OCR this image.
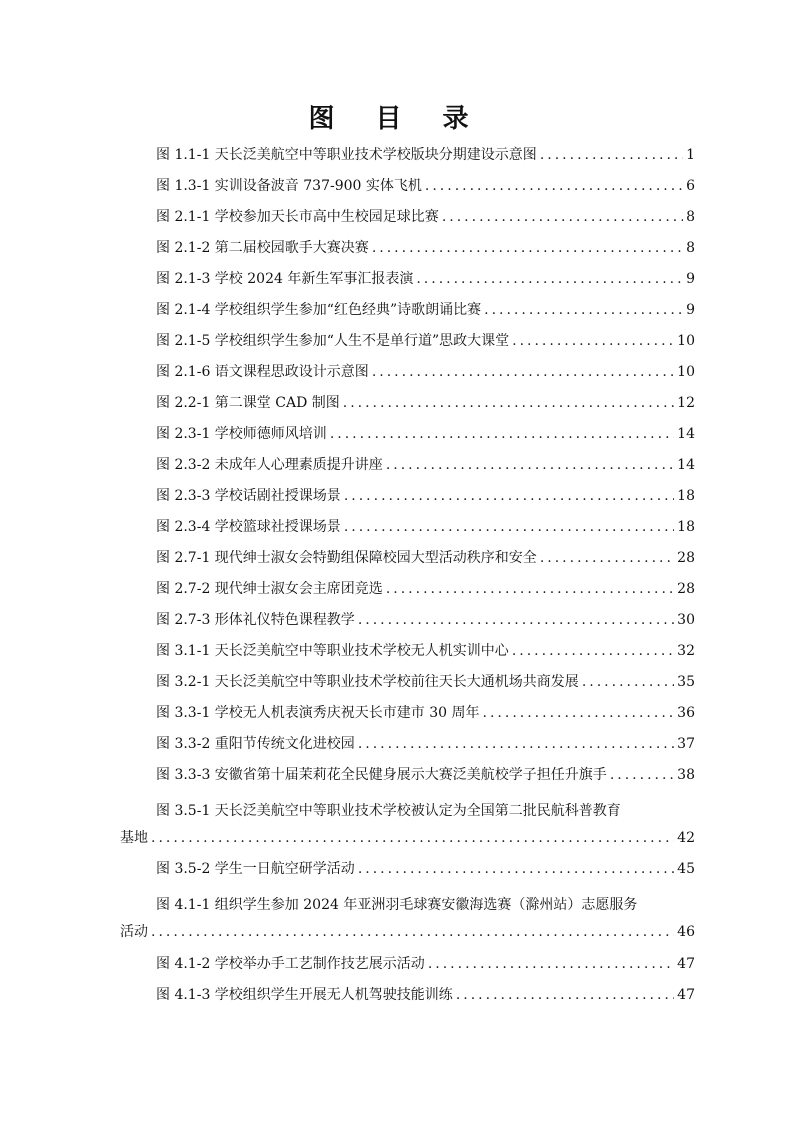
图 目 录
图 1.1-1 天长泛美航空中等职业技术学校版块分期建设示意图 .....	1
图 1.3-1 实训设备波音 737-900 实体飞机 .....	6
图 2.1-1 学校参加天长市高中生校园足球比赛 .....	8
图 2.1-2 第二届校园歌手大赛决赛 .....	8
图 2.1-3 学校 2024 年新生军事汇报表演 .....	9
图 2.1-4 学校组织学生参加“红色经典”诗歌朗诵比赛 .....	9
图 2.1-5 学校组织学生参加“人生不是单行道”思政大课堂 .....	10
图 2.1-6 语文课程思政设计示意图 .....	10
图 2.2-1 第二课堂 CAD 制图 .....	12
图 2.3-1 学校师德师风培训 .....	14
图 2.3-2 未成年人心理素质提升讲座 .....	14
图 2.3-3 学校话剧社授课场景 .....	18
图 2.3-4 学校篮球社授课场景 .....	18
图 2.7-1 现代绅士淑女会特勤组保障校园大型活动秩序和安全 .....	28
图 2.7-2 现代绅士淑女会主席团竞选 .....	28
图 2.7-3 形体礼仪特色课程教学 .....	30
图 3.1-1 天长泛美航空中等职业技术学校无人机实训中心 .....	32
图 3.2-1 天长泛美航空中等职业技术学校前往天长大通机场共商发展 .....	35
图 3.3-1 学校无人机表演秀庆祝天长市建市 30 周年 .....	36
图 3.3-2 重阳节传统文化进校园 .....	37
图 3.3-3 安徽省第十届茉莉花全民健身展示大赛泛美航校学子担任升旗手 .....	38
图 3.5-1 天长泛美航空中等职业技术学校被认定为全国第二批民航科普教育
基地 .....	42
图 3.5-2 学生一日航空研学活动 .....	45
图 4.1-1 组织学生参加 2024 年亚洲羽毛球赛安徽海选赛（滁州站）志愿服务
活动 .....	46
图 4.1-2 学校举办手工艺制作技艺展示活动 .....	47
图 4.1-3 学校组织学生开展无人机驾驶技能训练 .....	47
